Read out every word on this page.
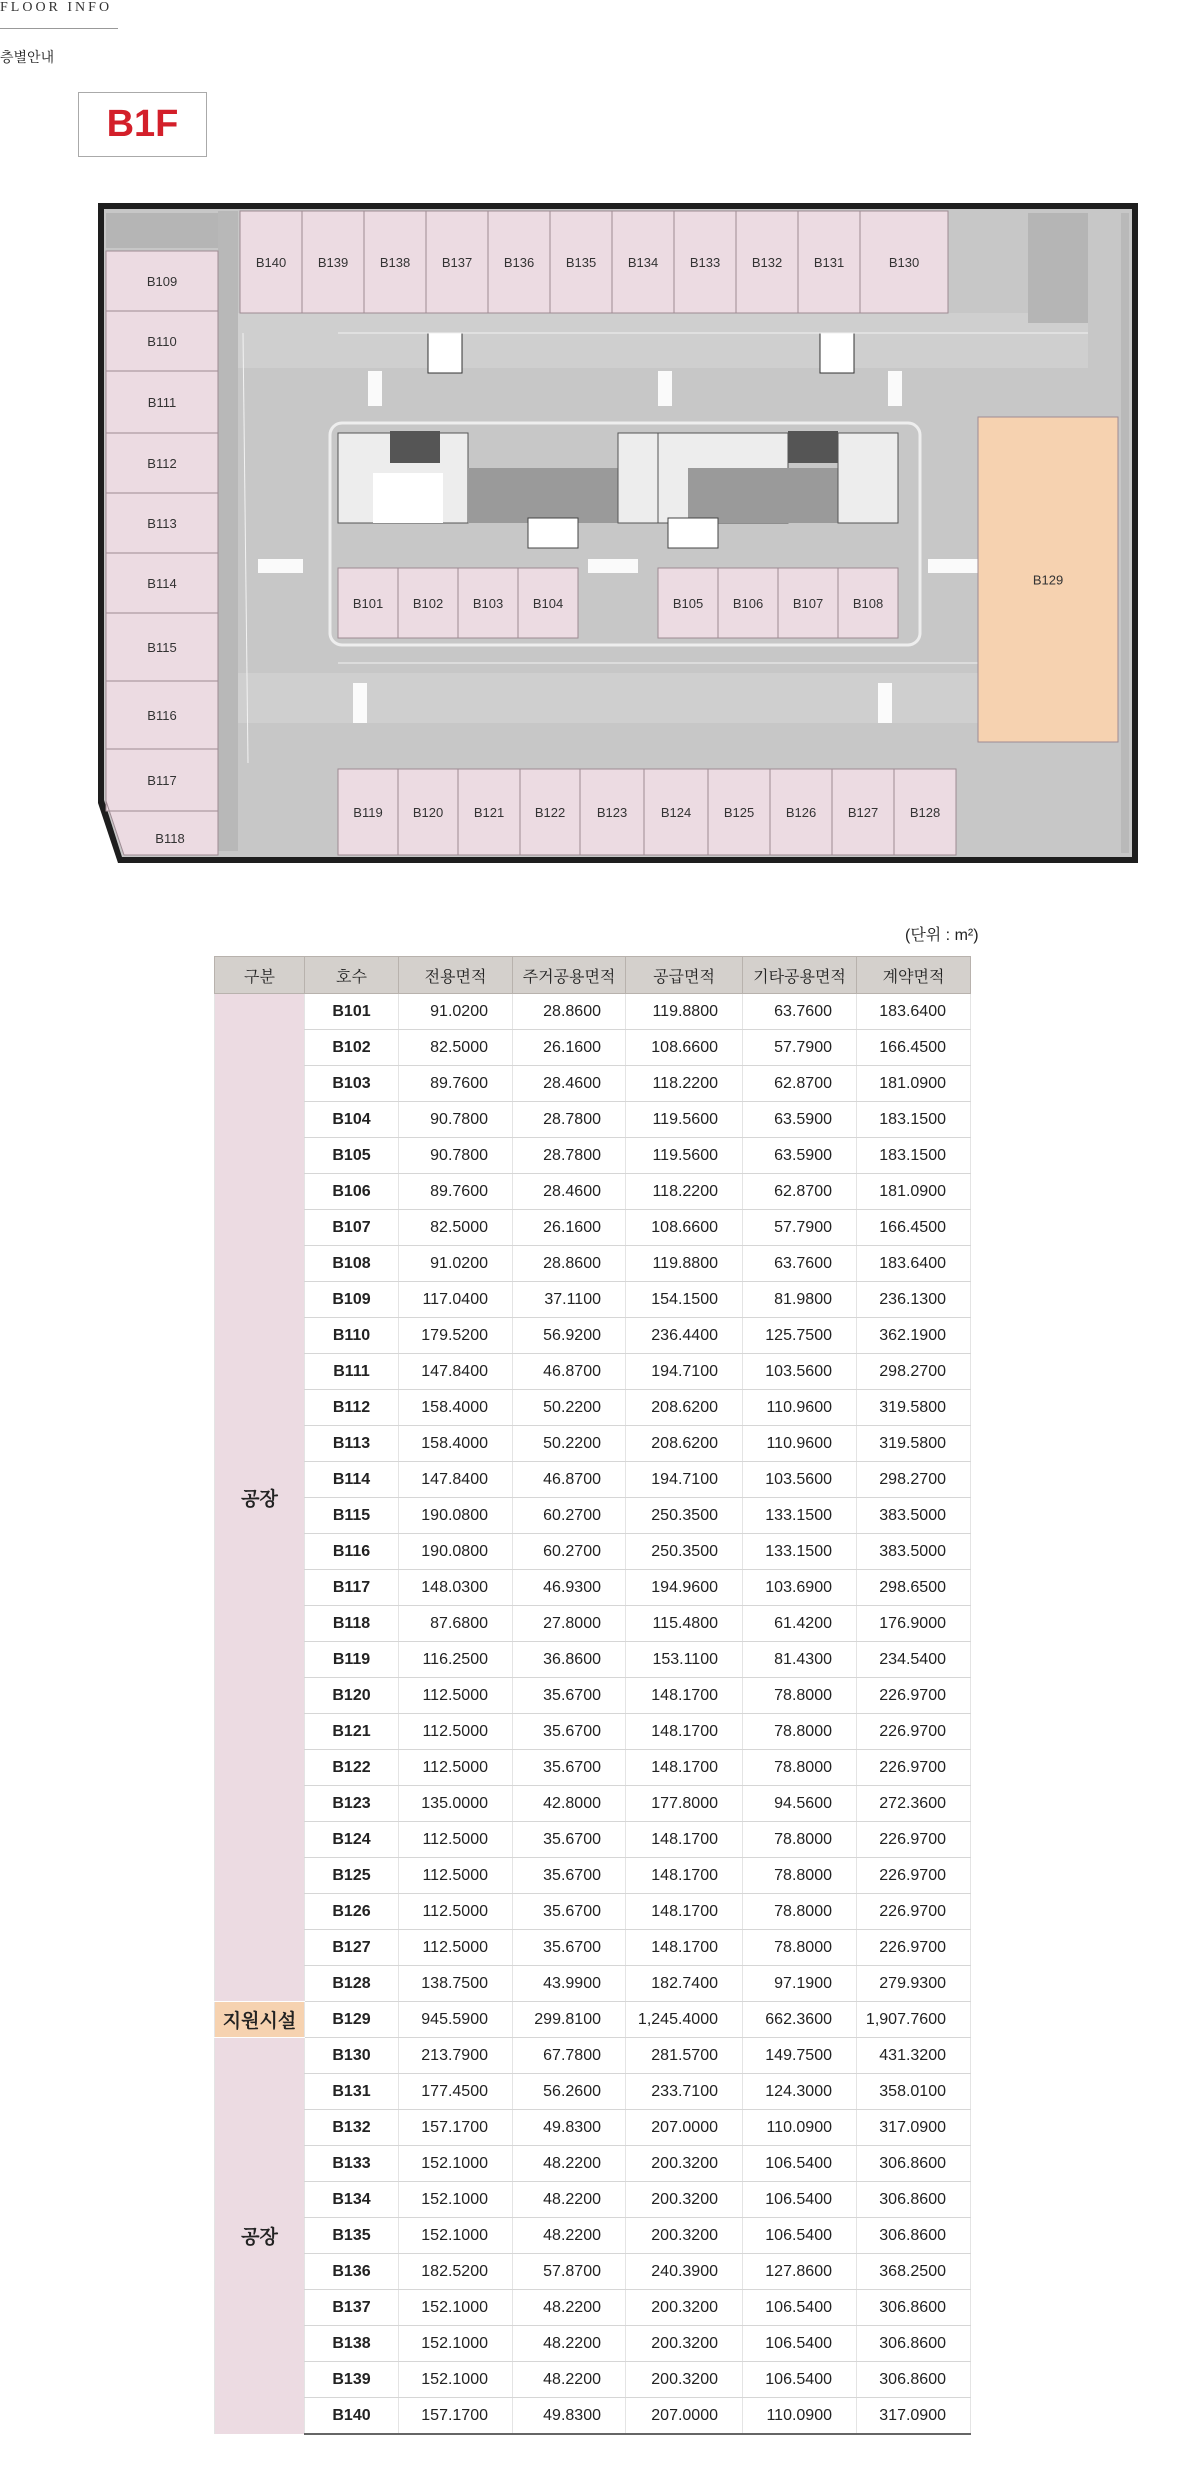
FLOOR INFO
층별안내
B1F
B140 B139 B138 B137 B136 B135 B134 B133 B132 B131	B130
B109
B110
B111
B112
B113
B114
B115
B116
B117
B118
B119 B120 B121 B122 B123	B124	B125 B126 B127 B128
B101 B102 B103 B104	B105 B106 B107 B108
B129
(단위 : m²)
구분	호수	전용면적	주거공용면적	공급면적	기타공용면적	계약면적
공장	B101	91.0200	28.8600	119.8800	63.7600	183.6400
	B102	82.5000	26.1600	108.6600	57.7900	166.4500
	B103	89.7600	28.4600	118.2200	62.8700	181.0900
	B104	90.7800	28.7800	119.5600	63.5900	183.1500
	B105	90.7800	28.7800	119.5600	63.5900	183.1500
	B106	89.7600	28.4600	118.2200	62.8700	181.0900
	B107	82.5000	26.1600	108.6600	57.7900	166.4500
	B108	91.0200	28.8600	119.8800	63.7600	183.6400
	B109	117.0400	37.1100	154.1500	81.9800	236.1300
	B110	179.5200	56.9200	236.4400	125.7500	362.1900
	B111	147.8400	46.8700	194.7100	103.5600	298.2700
	B112	158.4000	50.2200	208.6200	110.9600	319.5800
	B113	158.4000	50.2200	208.6200	110.9600	319.5800
	B114	147.8400	46.8700	194.7100	103.5600	298.2700
	B115	190.0800	60.2700	250.3500	133.1500	383.5000
	B116	190.0800	60.2700	250.3500	133.1500	383.5000
	B117	148.0300	46.9300	194.9600	103.6900	298.6500
	B118	87.6800	27.8000	115.4800	61.4200	176.9000
	B119	116.2500	36.8600	153.1100	81.4300	234.5400
	B120	112.5000	35.6700	148.1700	78.8000	226.9700
	B121	112.5000	35.6700	148.1700	78.8000	226.9700
	B122	112.5000	35.6700	148.1700	78.8000	226.9700
	B123	135.0000	42.8000	177.8000	94.5600	272.3600
	B124	112.5000	35.6700	148.1700	78.8000	226.9700
	B125	112.5000	35.6700	148.1700	78.8000	226.9700
	B126	112.5000	35.6700	148.1700	78.8000	226.9700
	B127	112.5000	35.6700	148.1700	78.8000	226.9700
	B128	138.7500	43.9900	182.7400	97.1900	279.9300
지원시설	B129	945.5900	299.8100	1,245.4000	662.3600	1,907.7600
공장	B130	213.7900	67.7800	281.5700	149.7500	431.3200
	B131	177.4500	56.2600	233.7100	124.3000	358.0100
	B132	157.1700	49.8300	207.0000	110.0900	317.0900
	B133	152.1000	48.2200	200.3200	106.5400	306.8600
	B134	152.1000	48.2200	200.3200	106.5400	306.8600
	B135	152.1000	48.2200	200.3200	106.5400	306.8600
	B136	182.5200	57.8700	240.3900	127.8600	368.2500
	B137	152.1000	48.2200	200.3200	106.5400	306.8600
	B138	152.1000	48.2200	200.3200	106.5400	306.8600
	B139	152.1000	48.2200	200.3200	106.5400	306.8600
	B140	157.1700	49.8300	207.0000	110.0900	317.0900
